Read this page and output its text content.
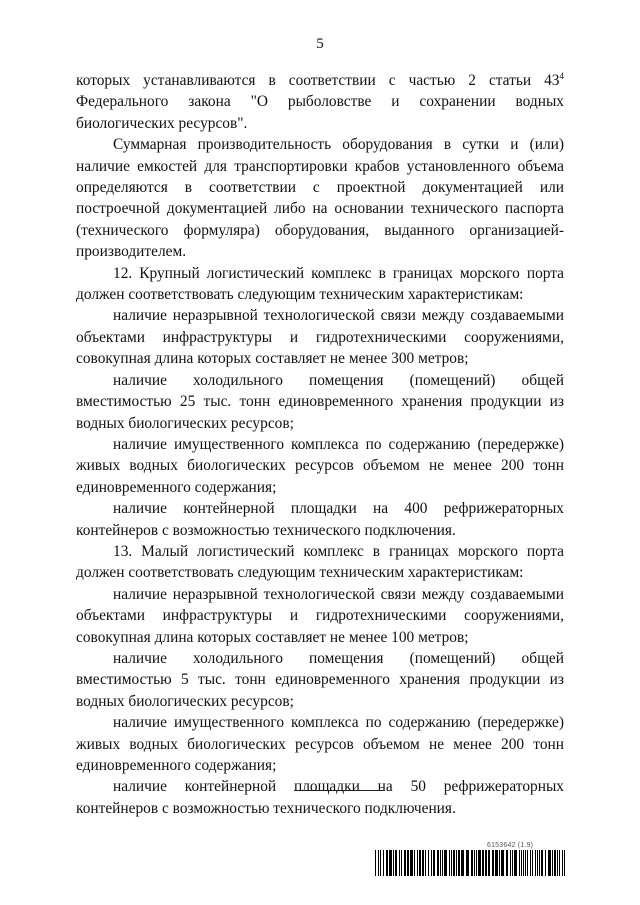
5

которых устанавливаются в соответствии с частью 2 статьи $43^4$ Федерального закона "О рыболовстве и сохранении водных биологических ресурсов".

Суммарная производительность оборудования в сутки и (или) наличие емкостей для транспортировки крабов установленного объема определяются в соответствии с проектной документацией или построечной документацией либо на основании технического паспорта (технического формуляра) оборудования, выданного организацией-производителем.

12. Крупный логистический комплекс в границах морского порта должен соответствовать следующим техническим характеристикам:

наличие неразрывной технологической связи между создаваемыми объектами инфраструктуры и гидротехническими сооружениями, совокупная длина которых составляет не менее 300 метров;

наличие холодильного помещения (помещений) общей вместимостью 25 тыс. тонн единовременного хранения продукции из водных биологических ресурсов;

наличие имущественного комплекса по содержанию (передержке) живых водных биологических ресурсов объемом не менее 200 тонн единовременного содержания;

наличие контейнерной площадки на 400 рефрижераторных контейнеров с возможностью технического подключения.

13. Малый логистический комплекс в границах морского порта должен соответствовать следующим техническим характеристикам:

наличие неразрывной технологической связи между создаваемыми объектами инфраструктуры и гидротехническими сооружениями, совокупная длина которых составляет не менее 100 метров;

наличие холодильного помещения (помещений) общей вместимостью 5 тыс. тонн единовременного хранения продукции из водных биологических ресурсов;

наличие имущественного комплекса по содержанию (передержке) живых водных биологических ресурсов объемом не менее 200 тонн единовременного содержания;

наличие контейнерной площадки на 50 рефрижераторных контейнеров с возможностью технического подключения.

6153642 (1.9)
